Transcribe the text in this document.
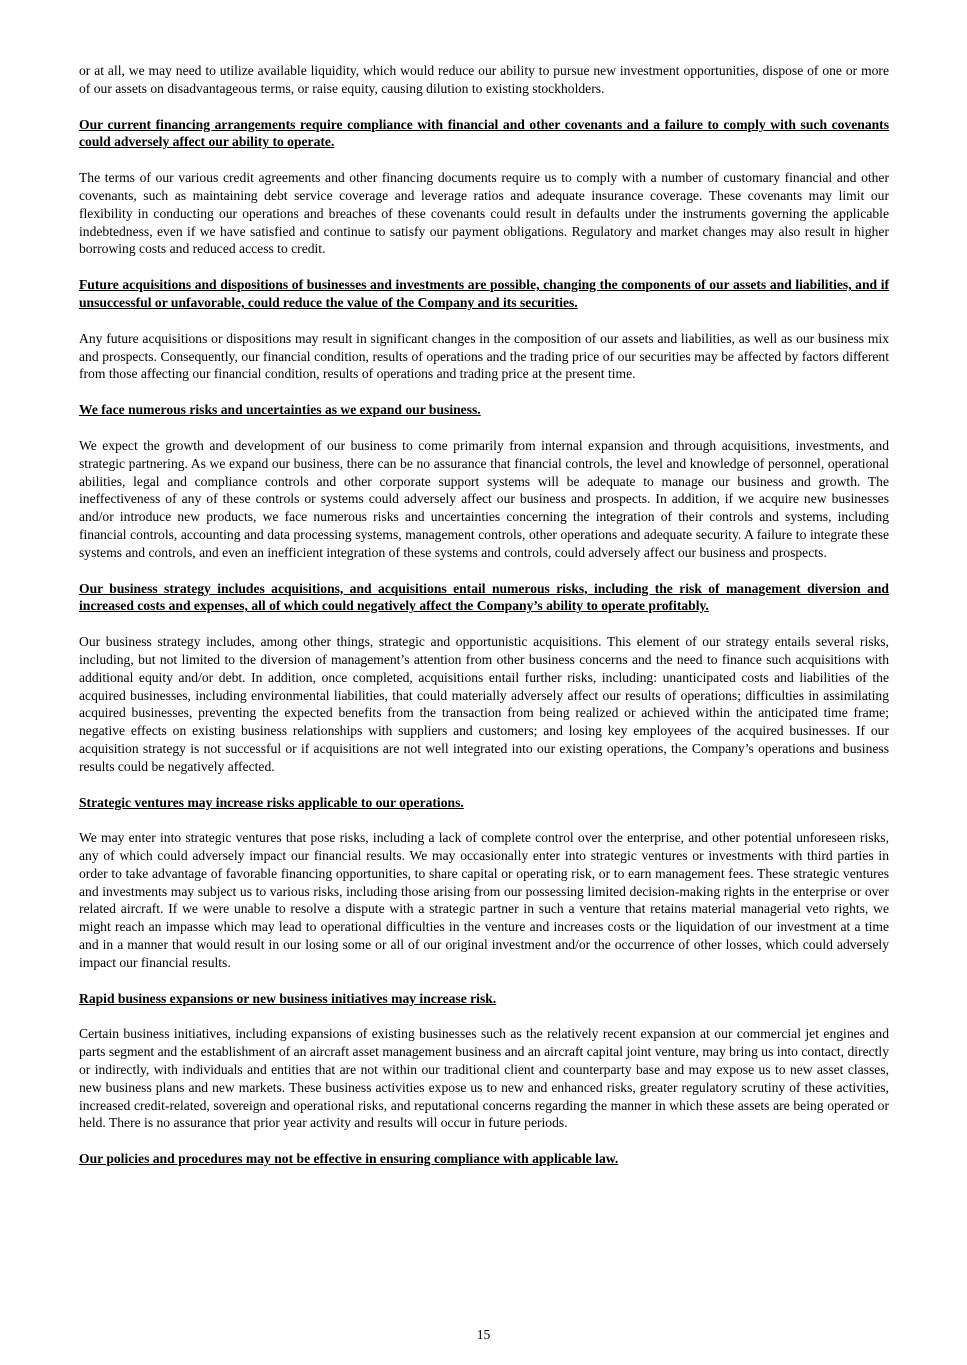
or at all, we may need to utilize available liquidity, which would reduce our ability to pursue new investment opportunities, dispose of one or more of our assets on disadvantageous terms, or raise equity, causing dilution to existing stockholders.

Our current financing arrangements require compliance with financial and other covenants and a failure to comply with such covenants could adversely affect our ability to operate.

The terms of our various credit agreements and other financing documents require us to comply with a number of customary financial and other covenants, such as maintaining debt service coverage and leverage ratios and adequate insurance coverage. These covenants may limit our flexibility in conducting our operations and breaches of these covenants could result in defaults under the instruments governing the applicable indebtedness, even if we have satisfied and continue to satisfy our payment obligations. Regulatory and market changes may also result in higher borrowing costs and reduced access to credit.

Future acquisitions and dispositions of businesses and investments are possible, changing the components of our assets and liabilities, and if unsuccessful or unfavorable, could reduce the value of the Company and its securities.

Any future acquisitions or dispositions may result in significant changes in the composition of our assets and liabilities, as well as our business mix and prospects. Consequently, our financial condition, results of operations and the trading price of our securities may be affected by factors different from those affecting our financial condition, results of operations and trading price at the present time.

We face numerous risks and uncertainties as we expand our business.

We expect the growth and development of our business to come primarily from internal expansion and through acquisitions, investments, and strategic partnering. As we expand our business, there can be no assurance that financial controls, the level and knowledge of personnel, operational abilities, legal and compliance controls and other corporate support systems will be adequate to manage our business and growth. The ineffectiveness of any of these controls or systems could adversely affect our business and prospects. In addition, if we acquire new businesses and/or introduce new products, we face numerous risks and uncertainties concerning the integration of their controls and systems, including financial controls, accounting and data processing systems, management controls, other operations and adequate security. A failure to integrate these systems and controls, and even an inefficient integration of these systems and controls, could adversely affect our business and prospects.

Our business strategy includes acquisitions, and acquisitions entail numerous risks, including the risk of management diversion and increased costs and expenses, all of which could negatively affect the Company’s ability to operate profitably.

Our business strategy includes, among other things, strategic and opportunistic acquisitions. This element of our strategy entails several risks, including, but not limited to the diversion of management’s attention from other business concerns and the need to finance such acquisitions with additional equity and/or debt. In addition, once completed, acquisitions entail further risks, including: unanticipated costs and liabilities of the acquired businesses, including environmental liabilities, that could materially adversely affect our results of operations; difficulties in assimilating acquired businesses, preventing the expected benefits from the transaction from being realized or achieved within the anticipated time frame; negative effects on existing business relationships with suppliers and customers; and losing key employees of the acquired businesses. If our acquisition strategy is not successful or if acquisitions are not well integrated into our existing operations, the Company’s operations and business results could be negatively affected.

Strategic ventures may increase risks applicable to our operations.

We may enter into strategic ventures that pose risks, including a lack of complete control over the enterprise, and other potential unforeseen risks, any of which could adversely impact our financial results. We may occasionally enter into strategic ventures or investments with third parties in order to take advantage of favorable financing opportunities, to share capital or operating risk, or to earn management fees. These strategic ventures and investments may subject us to various risks, including those arising from our possessing limited decision-making rights in the enterprise or over related aircraft. If we were unable to resolve a dispute with a strategic partner in such a venture that retains material managerial veto rights, we might reach an impasse which may lead to operational difficulties in the venture and increases costs or the liquidation of our investment at a time and in a manner that would result in our losing some or all of our original investment and/or the occurrence of other losses, which could adversely impact our financial results.

Rapid business expansions or new business initiatives may increase risk.

Certain business initiatives, including expansions of existing businesses such as the relatively recent expansion at our commercial jet engines and parts segment and the establishment of an aircraft asset management business and an aircraft capital joint venture, may bring us into contact, directly or indirectly, with individuals and entities that are not within our traditional client and counterparty base and may expose us to new asset classes, new business plans and new markets. These business activities expose us to new and enhanced risks, greater regulatory scrutiny of these activities, increased credit-related, sovereign and operational risks, and reputational concerns regarding the manner in which these assets are being operated or held. There is no assurance that prior year activity and results will occur in future periods.

Our policies and procedures may not be effective in ensuring compliance with applicable law.

15
